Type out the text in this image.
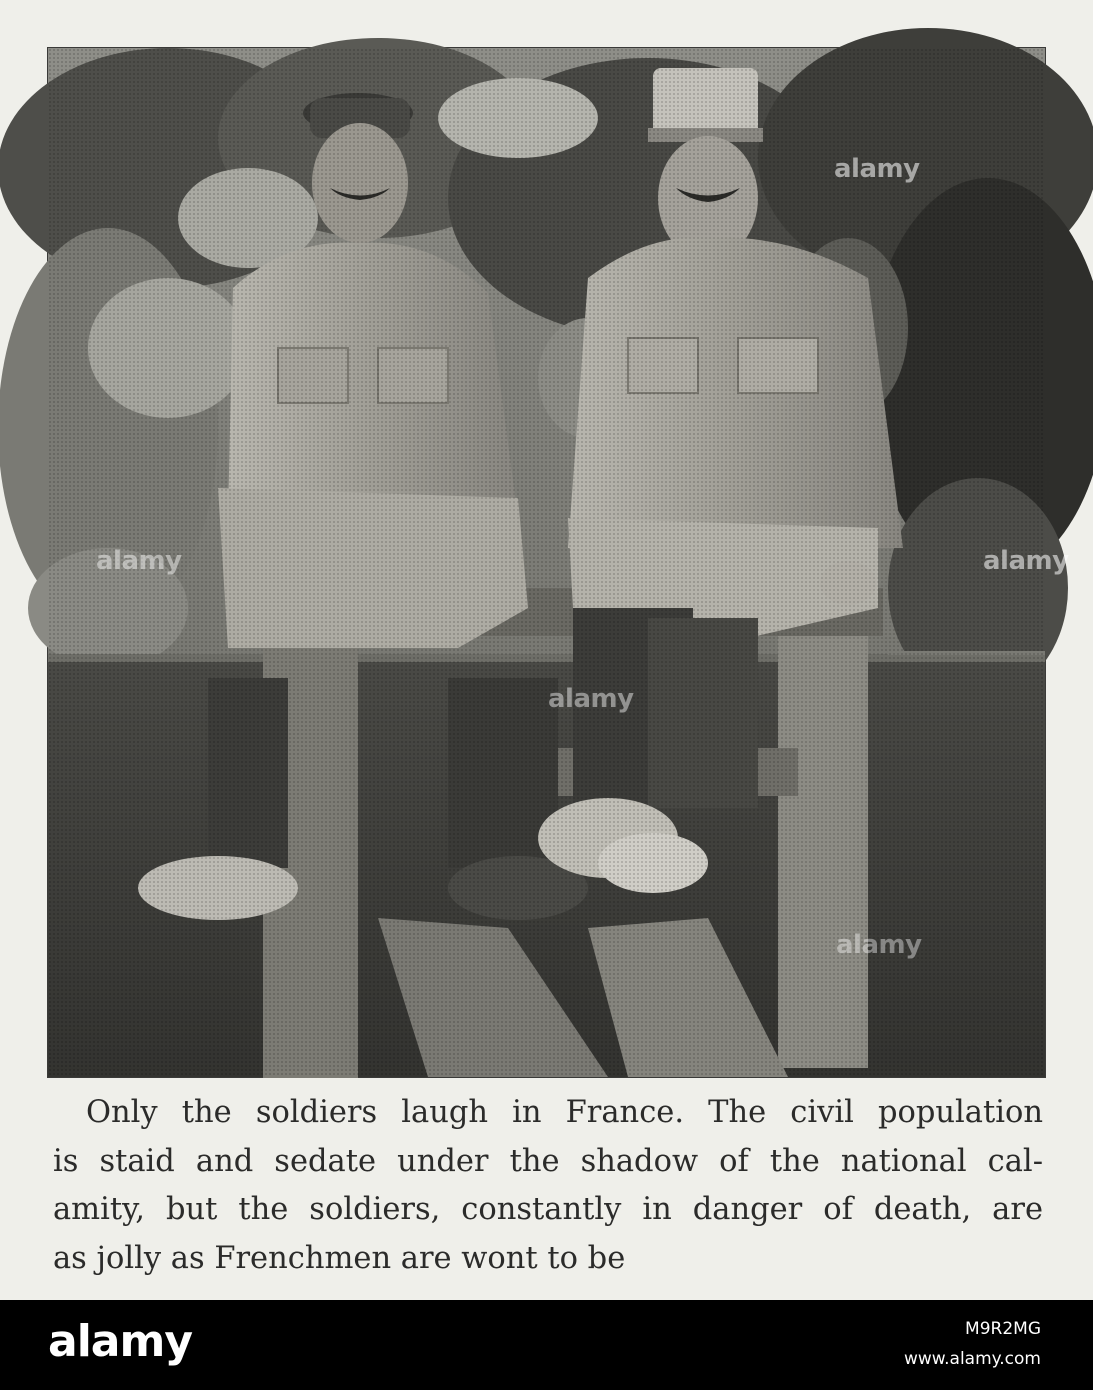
alamy
alamy	alamy
alamy
alamy
Only the soldiers laugh in France. The civil population
is staid and sedate under the shadow of the national cal-
amity, but the soldiers, constantly in danger of death, are
as jolly as Frenchmen are wont to be
alamy	M9R2MG
www.alamy.com
